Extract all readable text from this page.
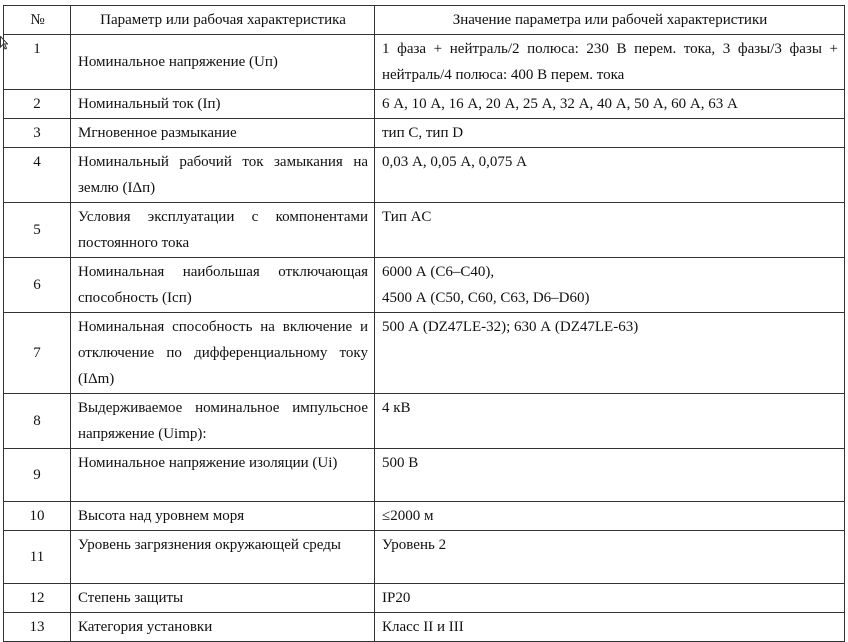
№	Параметр или рабочая характеристика	Значение параметра или рабочей характеристики
1	Номинальное напряжение (Uп)	1 фаза + нейтраль/2 полюса: 230 В перем. тока, 3 фазы/3 фазы + нейтраль/4 полюса: 400 В перем. тока
2	Номинальный ток (Iп)	6 А, 10 А, 16 А, 20 А, 25 А, 32 А, 40 А, 50 А, 60 А, 63 А
3	Мгновенное размыкание	тип C, тип D
4	Номинальный рабочий ток замыкания на землю (IΔп)	0,03 А, 0,05 А, 0,075 А
5	Условия эксплуатации с компонентами постоянного тока	Тип AC
6	Номинальная наибольшая отключающая способность (Icп)	6000 А (C6–C40),
4500 А (C50, C60, C63, D6–D60)

7	Номинальная способность на включение и отключение по дифференциальному току (IΔm)	500 А (DZ47LE-32); 630 А (DZ47LE-63)
8	Выдерживаемое номинальное импульсное напряжение (Uimp):	4 кВ
9	Номинальное напряжение изоляции (Ui)	500 В
10	Высота над уровнем моря	≤2000 м
11	Уровень загрязнения окружающей среды	Уровень 2
12	Степень защиты	IP20
13	Категория установки	Класс II и III
